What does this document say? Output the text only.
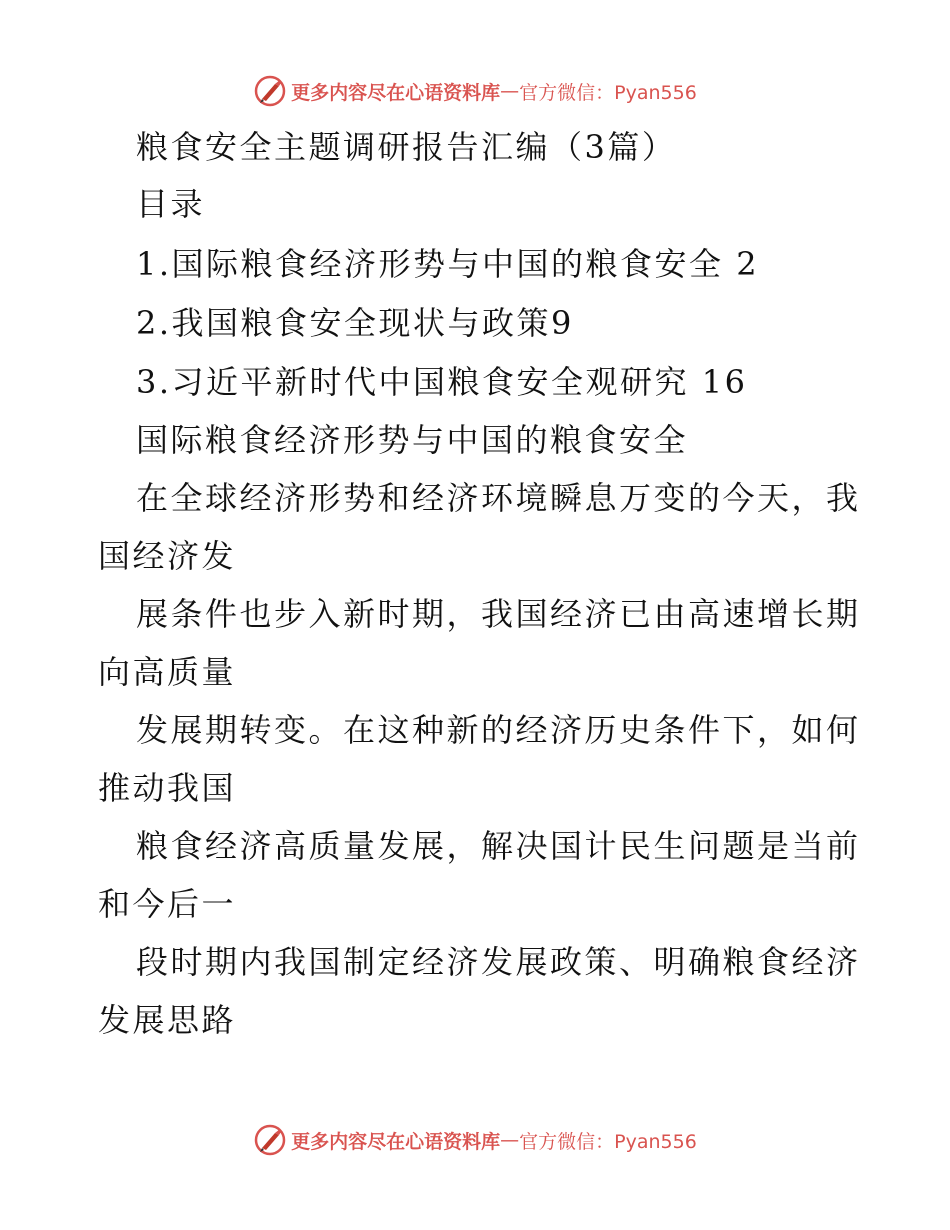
更多内容尽在心语资料库 — 官方微信：Pyan556
粮食安全主题调研报告汇编（3篇）
目录
1.国际粮食经济形势与中国的粮食安全 2
2.我国粮食安全现状与政策9
3.习近平新时代中国粮食安全观研究 16
国际粮食经济形势与中国的粮食安全
在全球经济形势和经济环境瞬息万变的今天，我
国经济发
展条件也步入新时期，我国经济已由高速增长期
向高质量
发展期转变。在这种新的经济历史条件下，如何
推动我国
粮食经济高质量发展，解决国计民生问题是当前
和今后一
段时期内我国制定经济发展政策、明确粮食经济
发展思路
更多内容尽在心语资料库 — 官方微信：Pyan556
